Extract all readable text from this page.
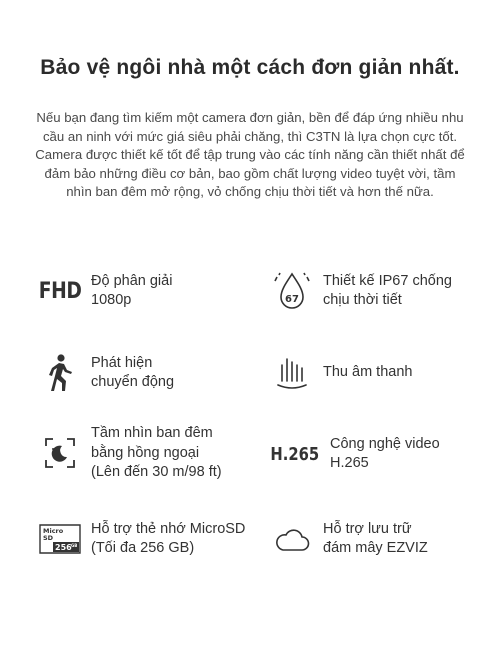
Bảo vệ ngôi nhà một cách đơn giản nhất.

Nếu bạn đang tìm kiếm một camera đơn giản, bền để đáp ứng nhiều nhu cầu an ninh với mức giá siêu phải chăng, thì C3TN là lựa chọn cực tốt. Camera được thiết kế tốt để tập trung vào các tính năng cần thiết nhất để đảm bảo những điều cơ bản, bao gồm chất lượng video tuyệt vời, tầm nhìn ban đêm mở rộng, vỏ chống chịu thời tiết và hơn thế nữa.

FHD Độ phân giải
1080p	67
Thiết kế IP67 chống
chịu thời tiết
Phát hiện
chuyển động
Thu âm thanh
Tầm nhìn ban đêm
bằng hồng ngoại
(Lên đến 30 m/98 ft)
H.265 Công nghệ video
H.265
Micro
SD
256 GB
Hỗ trợ thẻ nhớ MicroSD
(Tối đa 256 GB)
Hỗ trợ lưu trữ
đám mây EZVIZ
